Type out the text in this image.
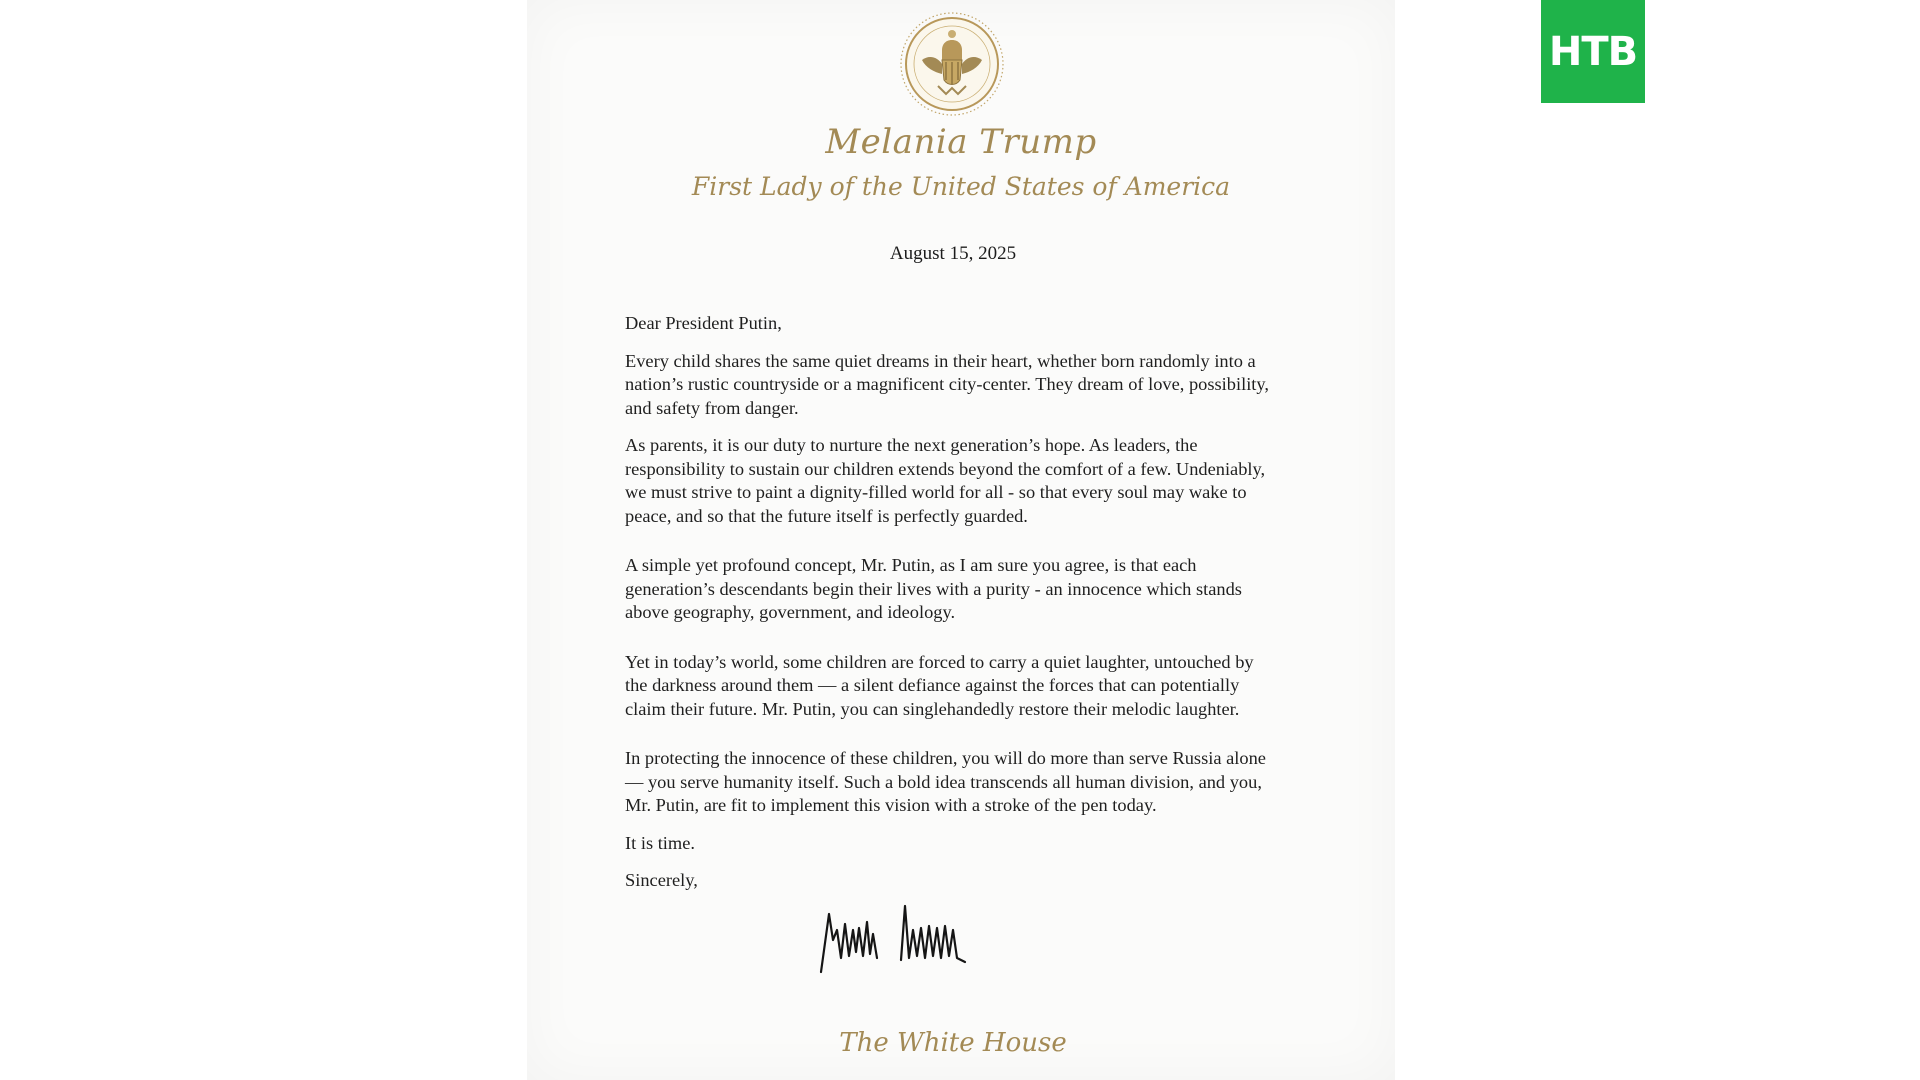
Melania Trump
First Lady of the United States of America
August 15, 2025

Dear President Putin,

Every child shares the same quiet dreams in their heart, whether born randomly into a nation’s rustic countryside or a magnificent city-center. They dream of love, possibility, and safety from danger.

As parents, it is our duty to nurture the next generation’s hope. As leaders, the responsibility to sustain our children extends beyond the comfort of a few. Undeniably, we must strive to paint a dignity-filled world for all - so that every soul may wake to peace, and so that the future itself is perfectly guarded.

A simple yet profound concept, Mr. Putin, as I am sure you agree, is that each generation’s descendants begin their lives with a purity - an innocence which stands above geography, government, and ideology.

Yet in today’s world, some children are forced to carry a quiet laughter, untouched by the darkness around them — a silent defiance against the forces that can potentially claim their future. Mr. Putin, you can singlehandedly restore their melodic laughter.

In protecting the innocence of these children, you will do more than serve Russia alone — you serve humanity itself. Such a bold idea transcends all human division, and you, Mr. Putin, are fit to implement this vision with a stroke of the pen today.

It is time.

Sincerely,

The White House
НТВ
